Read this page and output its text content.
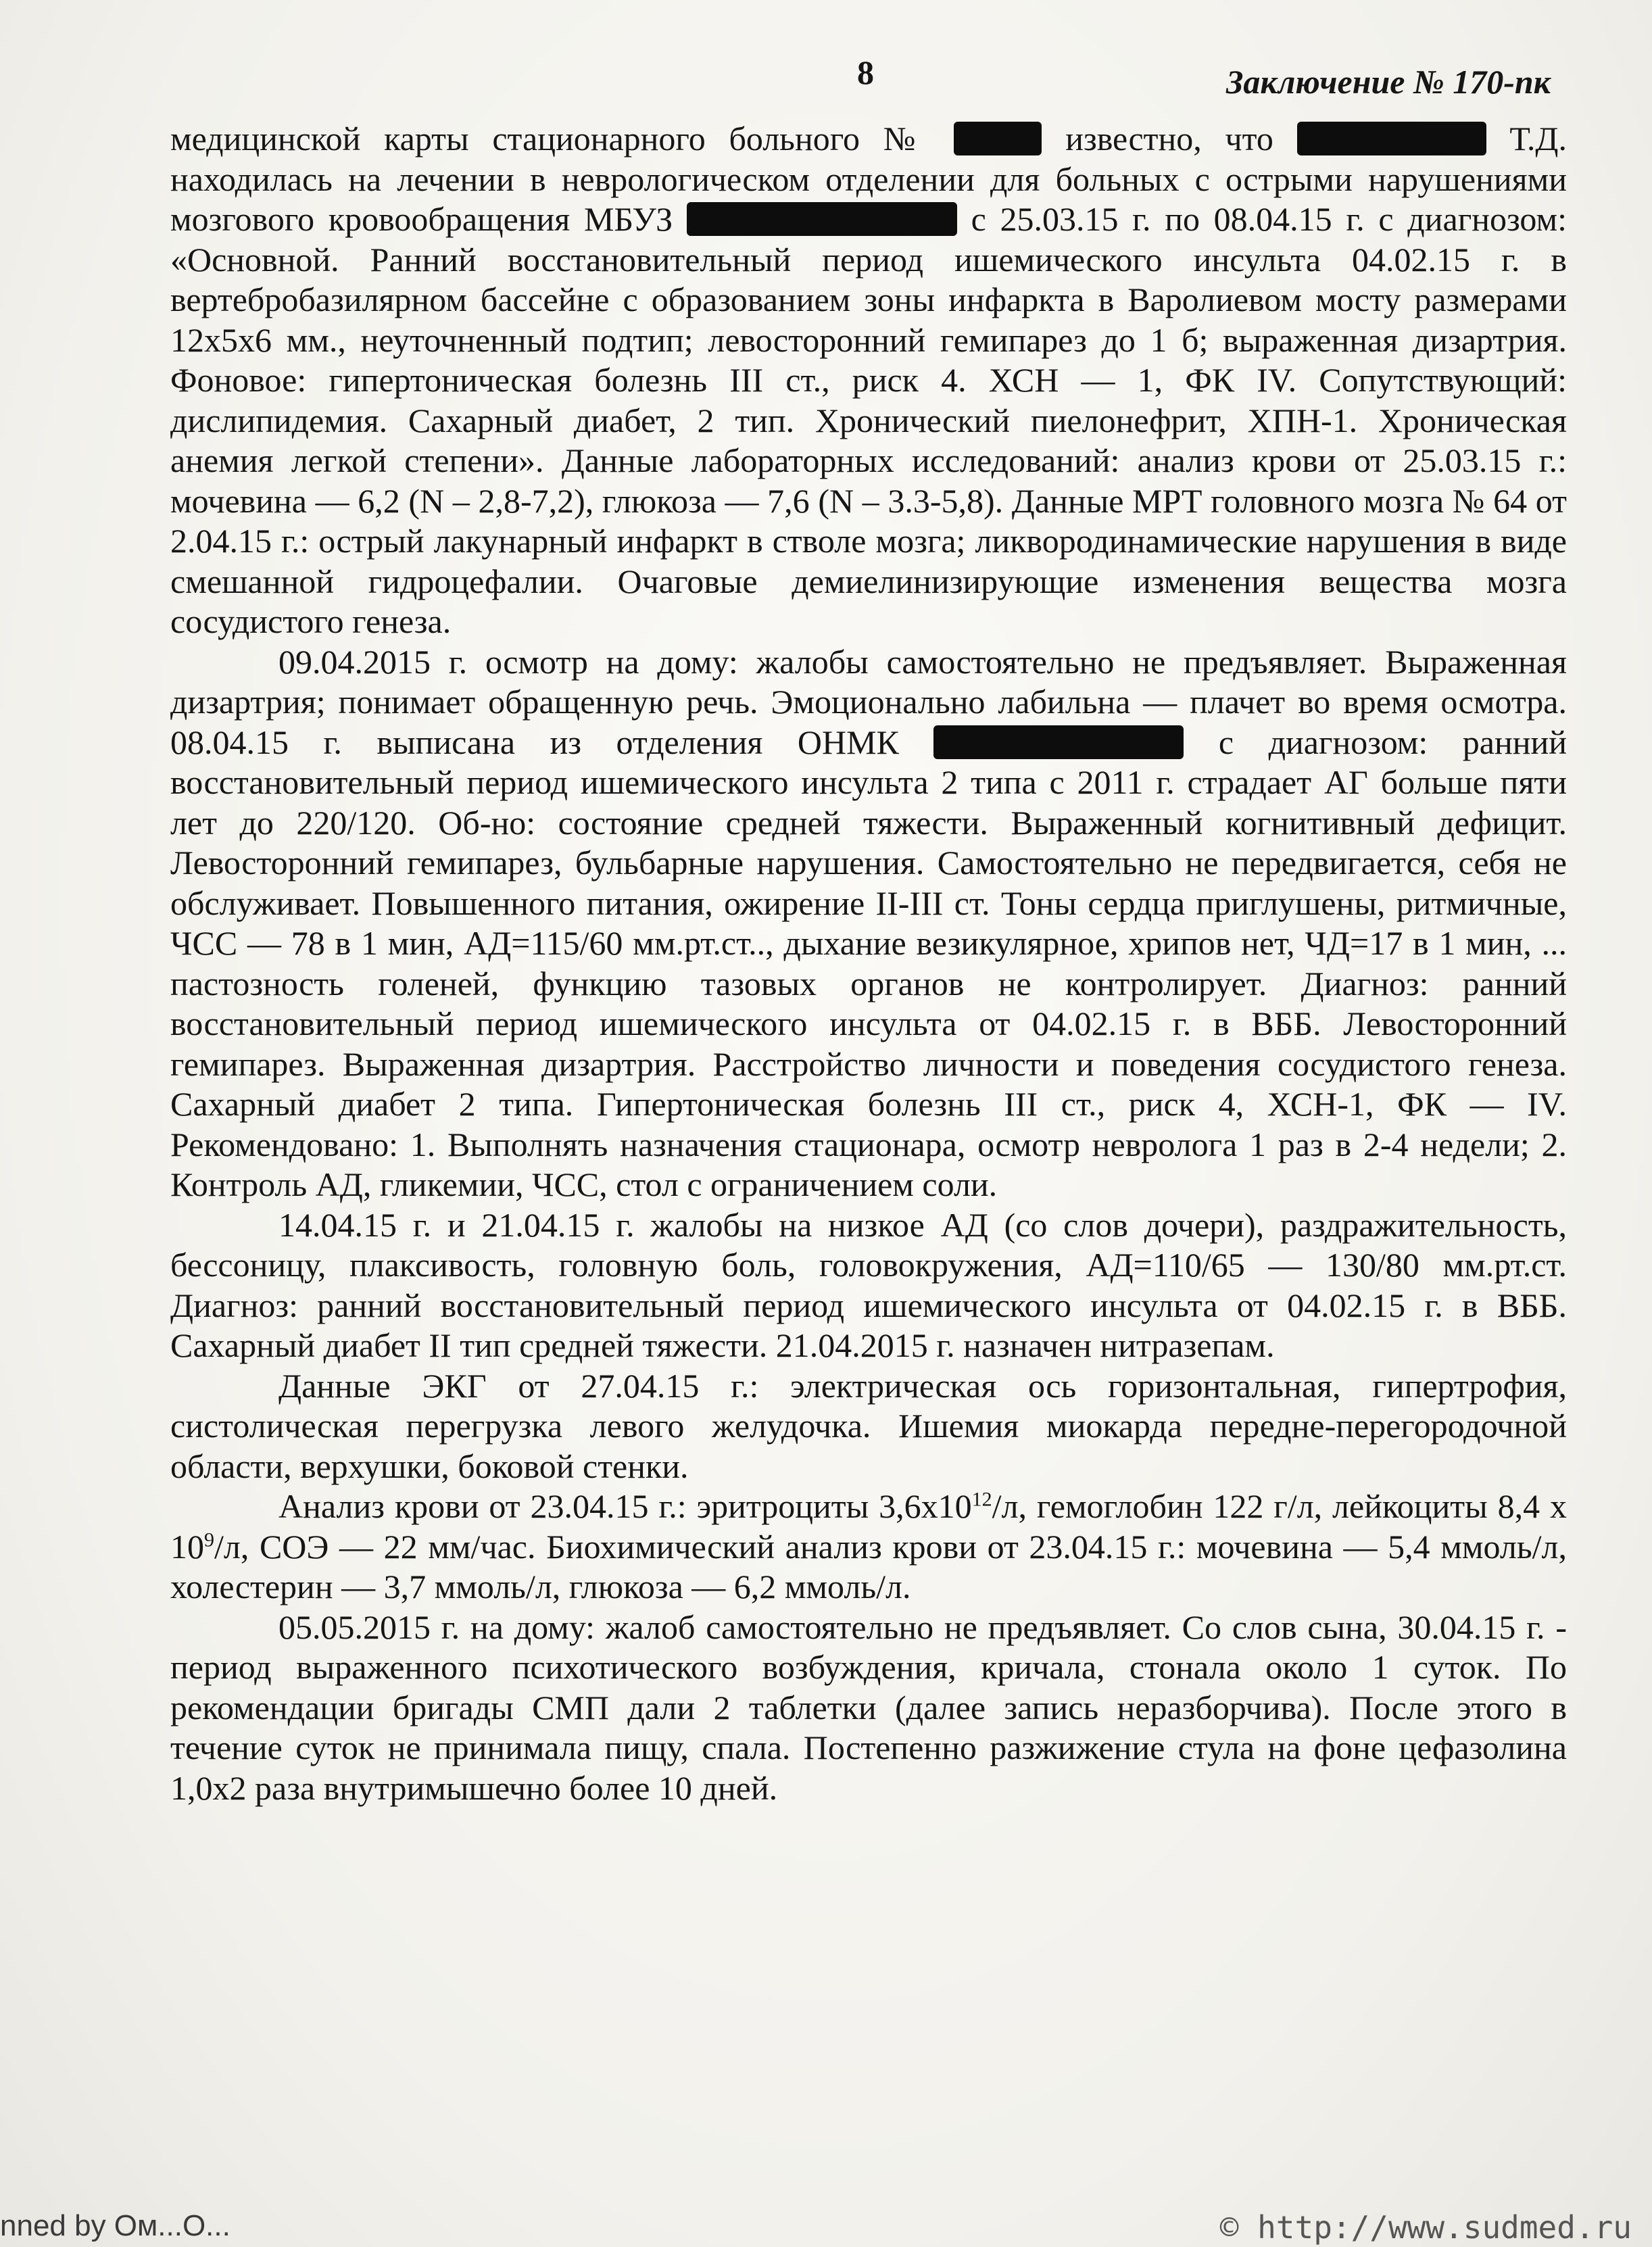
8	Заключение № 170-пк

медицинской карты стационарного больного №	известно, что	Т.Д. находилась на лечении в неврологическом отделении для больных с острыми нарушениями мозгового кровообращения МБУЗ	с 25.03.15 г. по 08.04.15 г. с диагнозом: «Основной. Ранний восстановительный период ишемического инсульта 04.02.15 г. в вертебробазилярном бассейне с образованием зоны инфаркта в Варолиевом мосту размерами 12х5х6 мм., неуточненный подтип; левосторонний гемипарез до 1 б; выраженная дизартрия. Фоновое: гипертоническая болезнь III ст., риск 4. ХСН — 1, ФК IV. Сопутствующий: дислипидемия. Сахарный диабет, 2 тип. Хронический пиелонефрит, ХПН-1. Хроническая анемия легкой степени». Данные лабораторных исследований: анализ крови от 25.03.15 г.: мочевина — 6,2 (N – 2,8-7,2), глюкоза — 7,6 (N – 3.3-5,8). Данные МРТ головного мозга № 64 от 2.04.15 г.: острый лакунарный инфаркт в стволе мозга; ликвородинамические нарушения в виде смешанной гидроцефалии. Очаговые демиелинизирующие изменения вещества мозга сосудистого генеза.

09.04.2015 г. осмотр на дому: жалобы самостоятельно не предъявляет. Выраженная дизартрия; понимает обращенную речь. Эмоционально лабильна — плачет во время осмотра. 08.04.15 г. выписана из отделения ОНМК	с диагнозом: ранний восстановительный период ишемического инсульта 2 типа с 2011 г. страдает АГ больше пяти лет до 220/120. Об-но: состояние средней тяжести. Выраженный когнитивный дефицит. Левосторонний гемипарез, бульбарные нарушения. Самостоятельно не передвигается, себя не обслуживает. Повышенного питания, ожирение II-III ст. Тоны сердца приглушены, ритмичные, ЧСС — 78 в 1 мин, АД=115/60 мм.рт.ст.., дыхание везикулярное, хрипов нет, ЧД=17 в 1 мин, ... пастозность голеней, функцию тазовых органов не контролирует. Диагноз: ранний восстановительный период ишемического инсульта от 04.02.15 г. в ВББ. Левосторонний гемипарез. Выраженная дизартрия. Расстройство личности и поведения сосудистого генеза. Сахарный диабет 2 типа. Гипертоническая болезнь III ст., риск 4, ХСН-1, ФК — IV. Рекомендовано: 1. Выполнять назначения стационара, осмотр невролога 1 раз в 2-4 недели; 2. Контроль АД, гликемии, ЧСС, стол с ограничением соли.

14.04.15 г. и 21.04.15 г. жалобы на низкое АД (со слов дочери), раздражительность, бессоницу, плаксивость, головную боль, головокружения, АД=110/65 — 130/80 мм.рт.ст. Диагноз: ранний восстановительный период ишемического инсульта от 04.02.15 г. в ВББ. Сахарный диабет II тип средней тяжести. 21.04.2015 г. назначен нитразепам.

Данные ЭКГ от 27.04.15 г.: электрическая ось горизонтальная, гипертрофия, систолическая перегрузка левого желудочка. Ишемия миокарда передне-перегородочной области, верхушки, боковой стенки.

Анализ крови от 23.04.15 г.: эритроциты $3,6х10^{12}/л$, гемоглобин 122 г/л, лейкоциты 8,4 х $10^9/л$, СОЭ — 22 мм/час. Биохимический анализ крови от 23.04.15 г.: мочевина — 5,4 ммоль/л, холестерин — 3,7 ммоль/л, глюкоза — 6,2 ммоль/л.

05.05.2015 г. на дому: жалоб самостоятельно не предъявляет. Со слов сына, 30.04.15 г. - период выраженного психотического возбуждения, кричала, стонала около 1 суток. По рекомендации бригады СМП дали 2 таблетки (далее запись неразборчива). После этого в течение суток не принимала пищу, спала. Постепенно разжижение стула на фоне цефазолина 1,0х2 раза внутримышечно более 10 дней.

nned by Ом...О...	© http://www.sudmed.ru
